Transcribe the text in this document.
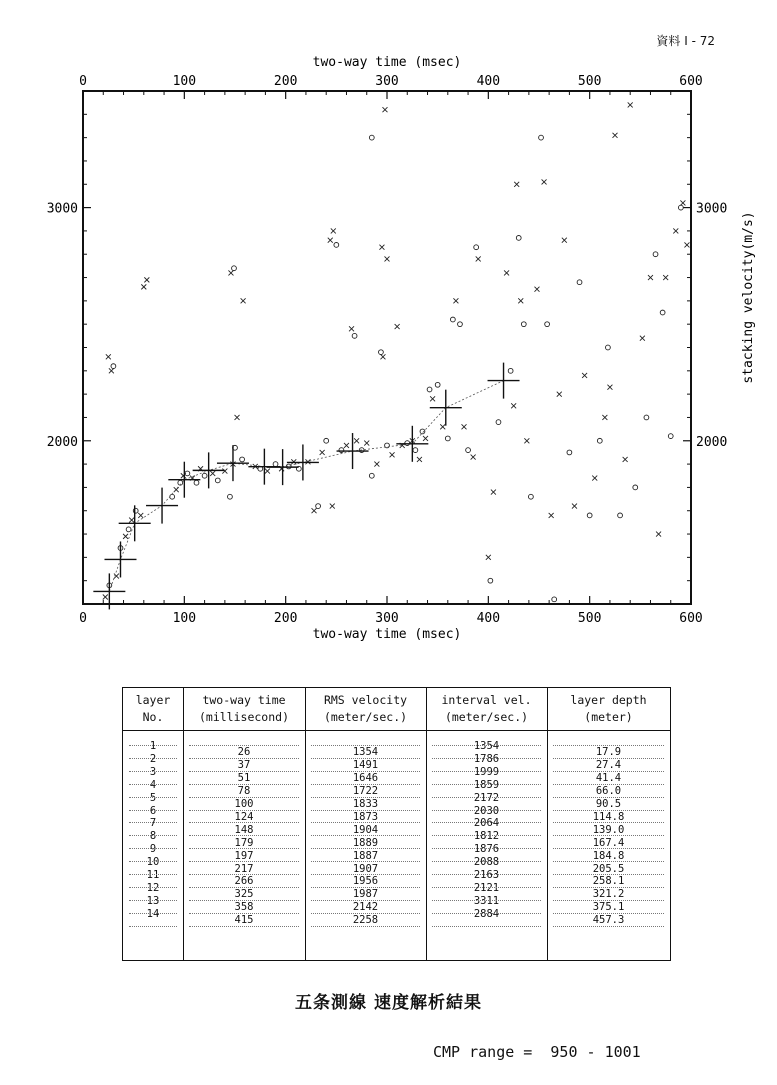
資料 I - 72
0
0
100
100
200
200
300
300
400
400
500
500
600
600
2000	2000
3000	3000
two-way time (msec)
two-way time (msec)
stacking velocity(m/s)
1
2
3
4
5
6
7
8
9
10
11
12
13
14
26
37
51
78
100
124
148
179
197
217
266
325
358
415
1354
1491
1646
1722
1833
1873
1904
1889
1887
1907
1956
1987
2142
2258
1354
1786
1999
1859
2172
2030
2064
1812
1876
2088
2163
2121
3311
2884
17.9
27.4
41.4
66.0
90.5
114.8
139.0
167.4
184.8
205.5
258.1
321.2
375.1
457.3
layer
No.
two-way time
(millisecond)
RMS velocity
(meter/sec.)
interval vel.
(meter/sec.)
layer depth
(meter)
五条測線 速度解析結果
CMP range =  950 - 1001
